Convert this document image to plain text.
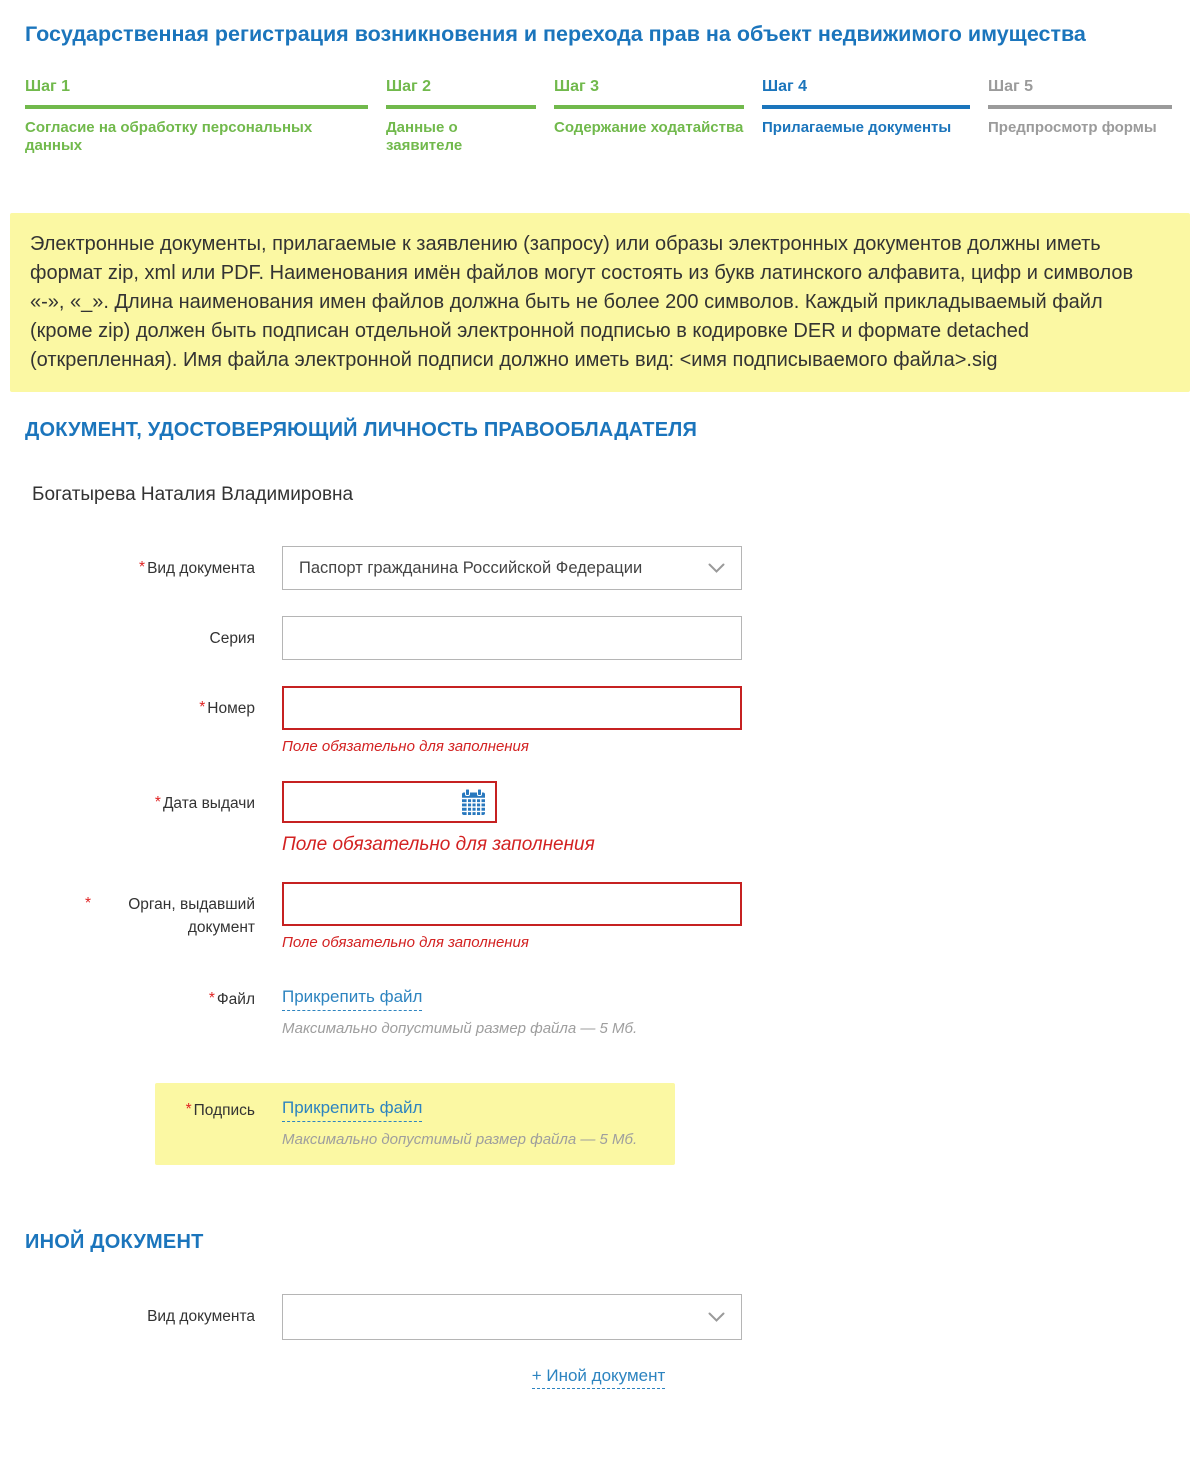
Государственная регистрация возникновения и перехода прав на объект недвижимого имущества
Шаг 1
Согласие на обработку персональных данных
Шаг 2
Данные о заявителе
Шаг 3
Содержание ходатайства
Шаг 4
Прилагаемые документы
Шаг 5
Предпросмотр формы
Электронные документы, прилагаемые к заявлению (запросу) или образы электронных документов должны иметь формат zip, xml или PDF. Наименования имён файлов могут состоять из букв латинского алфавита, цифр и символов «-», «_». Длина наименования имен файлов должна быть не более 200 символов. Каждый прикладываемый файл (кроме zip) должен быть подписан отдельной электронной подписью в кодировке DER и формате detached (открепленная). Имя файла электронной подписи должно иметь вид: <имя подписываемого файла>.sig
ДОКУМЕНТ, УДОСТОВЕРЯЮЩИЙ ЛИЧНОСТЬ ПРАВООБЛАДАТЕЛЯ
Богатырева Наталия Владимировна
* Вид документа	Паспорт гражданина Российской Федерации
Серия
* Номер
Поле обязательно для заполнения
* Дата выдачи
Поле обязательно для заполнения
* Орган, выдавший документ
Поле обязательно для заполнения
* Файл Прикрепить файл
Максимально допустимый размер файла — 5 Мб.
* Подпись Прикрепить файл
Максимально допустимый размер файла — 5 Мб.
ИНОЙ ДОКУМЕНТ
Вид документа
+ Иной документ
